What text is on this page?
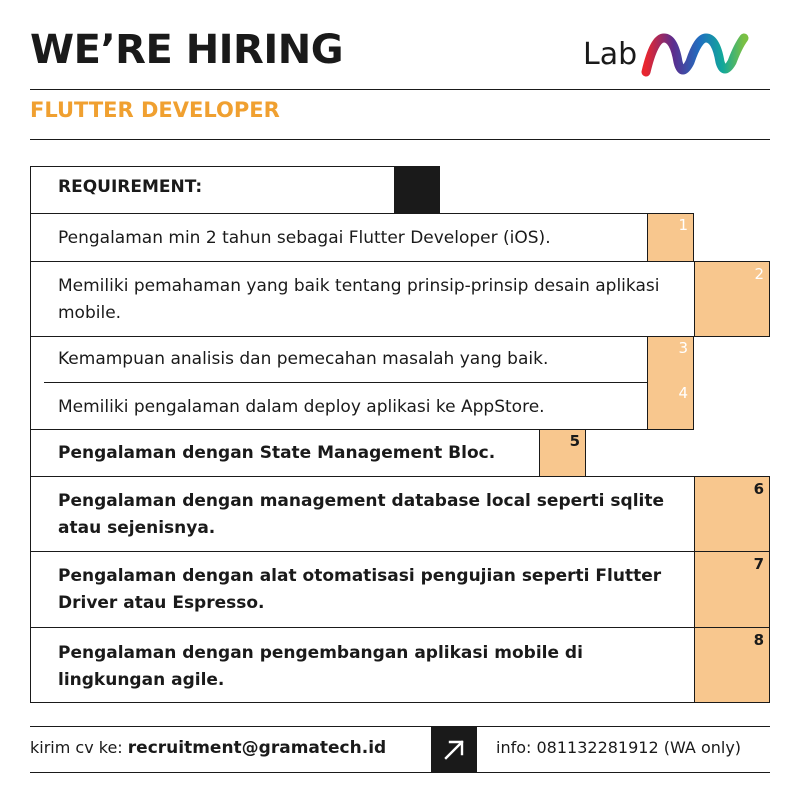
WE’RE HIRING	Lab
FLUTTER DEVELOPER
REQUIREMENT:
1
Pengalaman min 2 tahun sebagai Flutter Developer (iOS).
2
Memiliki pemahaman yang baik tentang prinsip-prinsip desain aplikasi mobile.
3
4
Kemampuan analisis dan pemecahan masalah yang baik.
Memiliki pengalaman dalam deploy aplikasi ke AppStore.
5
Pengalaman dengan State Management Bloc.
6
Pengalaman dengan management database local seperti sqlite atau sejenisnya.
7
Pengalaman dengan alat otomatisasi pengujian seperti Flutter Driver atau Espresso.
8
Pengalaman dengan pengembangan aplikasi mobile di lingkungan agile.
kirim cv ke: recruitment@gramatech.id	info: 081132281912 (WA only)
